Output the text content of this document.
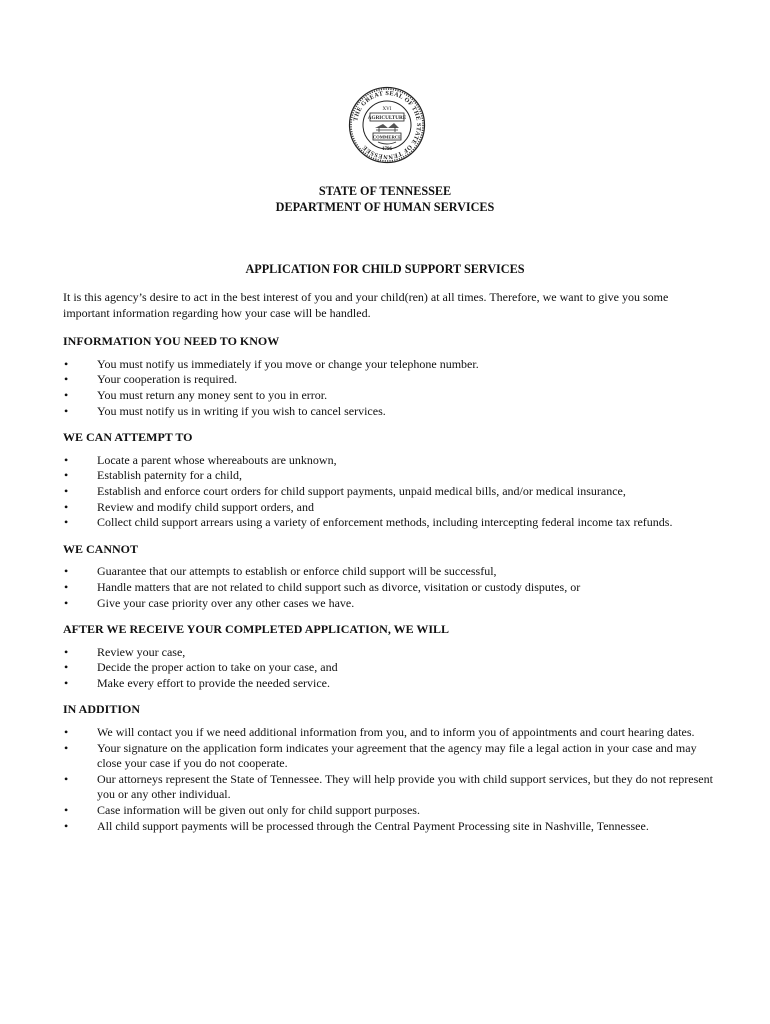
THE GREAT SEAL OF THE STATE OF TENNESSEE
XVI
AGRICULTURE
COMMERCE
1796
STATE OF TENNESSEE
DEPARTMENT OF HUMAN SERVICES
APPLICATION FOR CHILD SUPPORT SERVICES

It is this agency’s desire to act in the best interest of you and your child(ren) at all times. Therefore, we want to give you some important information regarding how your case will be handled.

INFORMATION YOU NEED TO KNOW
• You must notify us immediately if you move or change your telephone number.
• Your cooperation is required.
• You must return any money sent to you in error.
• You must notify us in writing if you wish to cancel services.
WE CAN ATTEMPT TO
• Locate a parent whose whereabouts are unknown,
• Establish paternity for a child,
• Establish and enforce court orders for child support payments, unpaid medical bills, and/or medical insurance,
• Review and modify child support orders, and
• Collect child support arrears using a variety of enforcement methods, including intercepting federal income tax refunds.
WE CANNOT
• Guarantee that our attempts to establish or enforce child support will be successful,
• Handle matters that are not related to child support such as divorce, visitation or custody disputes, or
• Give your case priority over any other cases we have.
AFTER WE RECEIVE YOUR COMPLETED APPLICATION, WE WILL
• Review your case,
• Decide the proper action to take on your case, and
• Make every effort to provide the needed service.
IN ADDITION
• We will contact you if we need additional information from you, and to inform you of appointments and court hearing dates.
• Your signature on the application form indicates your agreement that the agency may file a legal action in your case and may close your case if you do not cooperate.
• Our attorneys represent the State of Tennessee. They will help provide you with child support services, but they do not represent you or any other individual.
• Case information will be given out only for child support purposes.
• All child support payments will be processed through the Central Payment Processing site in Nashville, Tennessee.
